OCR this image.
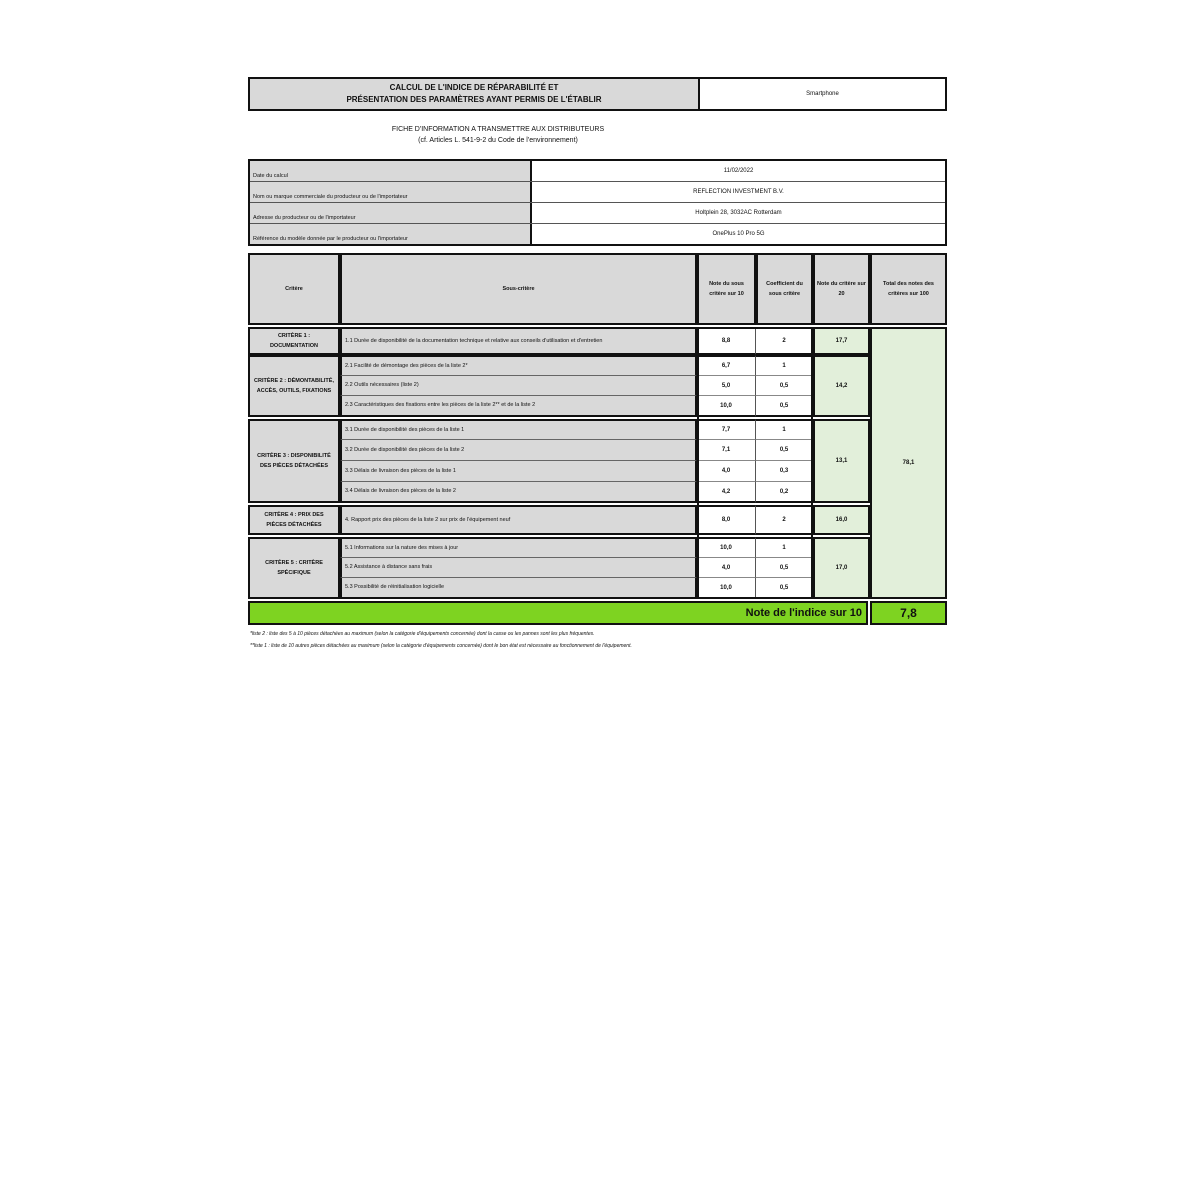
CALCUL DE L'INDICE DE RÉPARABILITÉ ET
PRÉSENTATION DES PARAMÈTRES AYANT PERMIS DE L'ÉTABLIR
Smartphone
FICHE D'INFORMATION A TRANSMETTRE AUX DISTRIBUTEURS
(cf. Articles L. 541-9-2 du Code de l'environnement)
Date du calcul
11/02/2022
Nom ou marque commerciale du producteur ou de l'importateur
REFLECTION INVESTMENT B.V.
Adresse du producteur ou de l'importateur
Holtplein 28, 3032AC Rotterdam
Référence du modèle donnée par le producteur ou l'importateur
OnePlus 10 Pro 5G
Critère	Sous-critère
Note du sous critère sur 10
Coefficient du sous critère
Note du critère sur 20
Total des notes des critères sur 100
CRITÈRE 1 : DOCUMENTATION
1.1 Durée de disponibilité de la documentation technique et relative aux conseils d'utilisation et d'entretien	8,8	2	17,7
CRITÈRE 2 : DÉMONTABILITÉ, ACCÈS, OUTILS, FIXATIONS
2.1 Facilité de démontage des pièces de la liste 2*	6,7	1
2.2 Outils nécessaires (liste 2)	5,0	0,5
2.3 Caractéristiques des fixations entre les pièces de la liste 2** et de la liste 2	10,0	0,5
14,2
CRITÈRE 3 : DISPONIBILITÉ DES PIÈCES DÉTACHÉES
3.1 Durée de disponibilité des pièces de la liste 1	7,7	1
3.2 Durée de disponibilité des pièces de la liste 2	7,1	0,5
3.3 Délais de livraison des pièces de la liste 1	4,0	0,3
3.4 Délais de livraison des pièces de la liste 2	4,2	0,2
13,1
CRITÈRE 4 : PRIX DES PIÈCES DÉTACHÉES
4. Rapport prix des pièces de la liste 2 sur prix de l'équipement neuf	8,0	2	16,0
CRITÈRE 5 : CRITÈRE SPÉCIFIQUE
5.1 Informations sur la nature des mises à jour	10,0	1
5.2 Assistance à distance sans frais	4,0	0,5
5.3 Possibilité de réinitialisation logicielle	10,0	0,5
17,0
78,1
Note de l'indice sur 10	7,8
*liste 2 : liste des 5 à 10 pièces détachées au maximum (selon la catégorie d'équipements concernée) dont la casse ou les pannes sont les plus fréquentes.
**liste 1 : liste de 10 autres pièces détachées au maximum (selon la catégorie d'équipements concernée) dont le bon état est nécessaire au fonctionnement de l'équipement.
